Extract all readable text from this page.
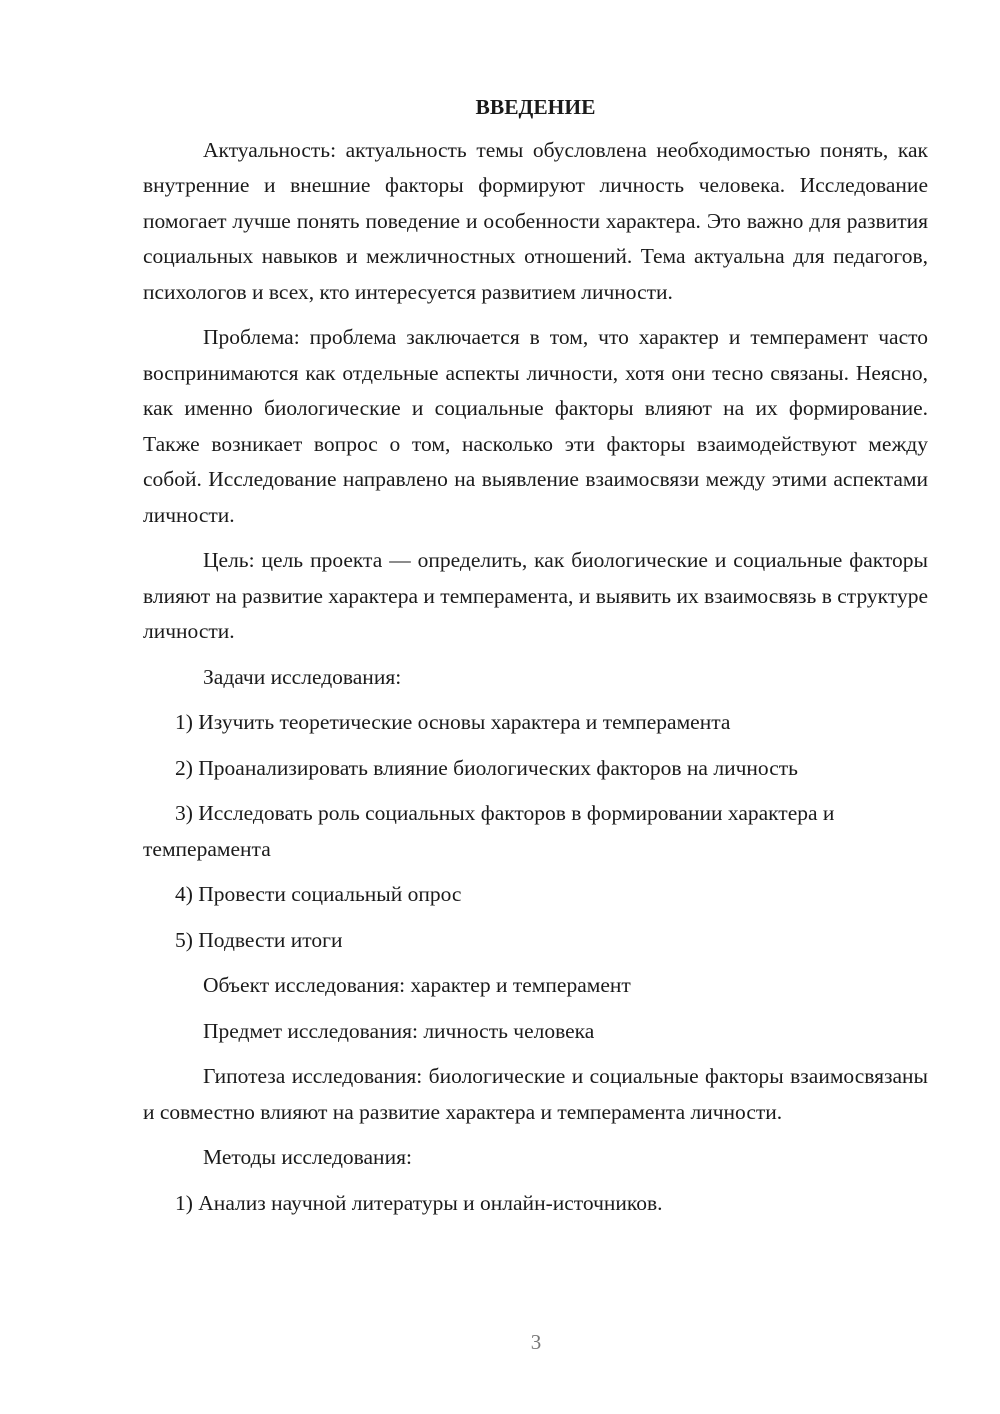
ВВЕДЕНИЕ

Актуальность: актуальность темы обусловлена необходимостью понять, как внутренние и внешние факторы формируют личность человека. Исследование помогает лучше понять поведение и особенности характера. Это важно для развития социальных навыков и межличностных отношений. Тема актуальна для педагогов, психологов и всех, кто интересуется развитием личности.

Проблема: проблема заключается в том, что характер и темперамент часто воспринимаются как отдельные аспекты личности, хотя они тесно связаны. Неясно, как именно биологические и социальные факторы влияют на их формирование. Также возникает вопрос о том, насколько эти факторы взаимодействуют между собой. Исследование направлено на выявление взаимосвязи между этими аспектами личности.

Цель: цель проекта — определить, как биологические и социальные факторы влияют на развитие характера и темперамента, и выявить их взаимосвязь в структуре личности.

Задачи исследования:

1) Изучить теоретические основы характера и темперамента

2) Проанализировать влияние биологических факторов на личность

3) Исследовать роль социальных факторов в формировании характера и темперамента

4) Провести социальный опрос

5) Подвести итоги

Объект исследования: характер и темперамент

Предмет исследования: личность человека

Гипотеза исследования: биологические и социальные факторы взаимосвязаны и совместно влияют на развитие характера и темперамента личности.

Методы исследования:

1) Анализ научной литературы и онлайн-источников.

3
